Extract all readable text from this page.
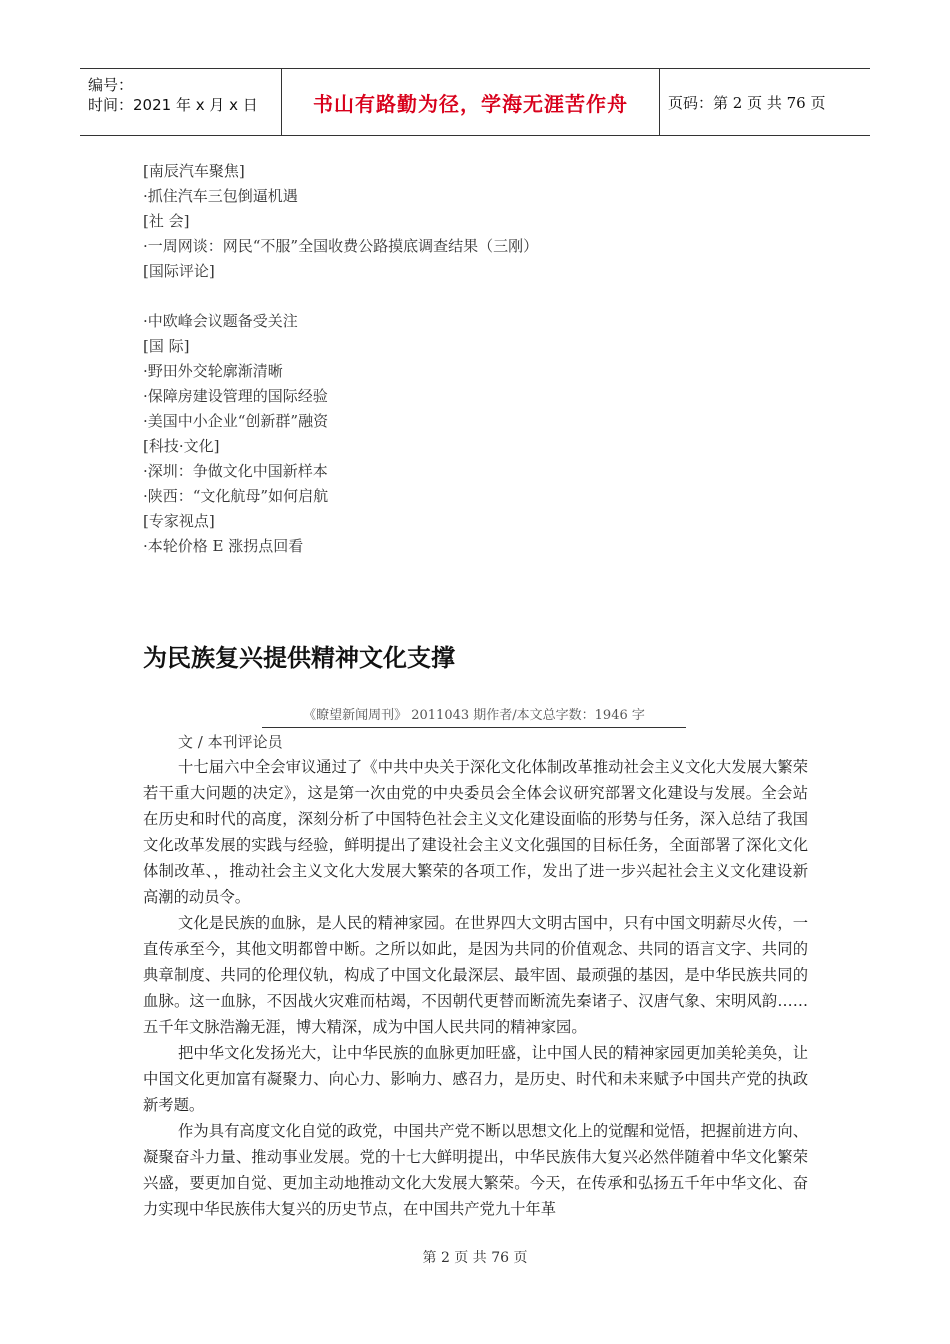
编号：
时间：2021 年 x 月 x 日	书山有路勤为径，学海无涯苦作舟	页码：第 2 页 共 76 页
[南辰汽车聚焦]
·抓住汽车三包倒逼机遇
[社 会]
·一周网谈：网民“不服”全国收费公路摸底调查结果（三刚）
[国际评论]
·中欧峰会议题备受关注
[国 际]
·野田外交轮廓渐清晰
·保障房建设管理的国际经验
·美国中小企业“创新群”融资
[科技·文化]
·深圳：争做文化中国新样本
·陕西：“文化航母”如何启航
[专家视点]
·本轮价格 E 涨拐点回看
为民族复兴提供精神文化支撑
《瞭望新闻周刊》 2011043 期作者/本文总字数：1946 字
文 / 本刊评论员

十七届六中全会审议通过了《中共中央关于深化文化体制改革推动社会主义文化大发展大繁荣若干重大问题的决定》，这是第一次由党的中央委员会全体会议研究部署文化建设与发展。全会站在历史和时代的高度，深刻分析了中国特色社会主义文化建设面临的形势与任务，深入总结了我国文化改革发展的实践与经验，鲜明提出了建设社会主义文化强国的目标任务，全面部署了深化文化体制改革、，推动社会主义文化大发展大繁荣的各项工作，发出了进一步兴起社会主义文化建设新高潮的动员令。

文化是民族的血脉，是人民的精神家园。在世界四大文明古国中，只有中国文明薪尽火传，一直传承至今，其他文明都曾中断。之所以如此，是因为共同的价值观念、共同的语言文字、共同的典章制度、共同的伦理仪轨，构成了中国文化最深层、最牢固、最顽强的基因，是中华民族共同的血脉。这一血脉，不因战火灾难而枯竭，不因朝代更替而断流先秦诸子、汉唐气象、宋明风韵……五千年文脉浩瀚无涯，博大精深，成为中国人民共同的精神家园。

把中华文化发扬光大，让中华民族的血脉更加旺盛，让中国人民的精神家园更加美轮美奂，让中国文化更加富有凝聚力、向心力、影响力、感召力，是历史、时代和未来赋予中国共产党的执政新考题。

作为具有高度文化自觉的政党，中国共产党不断以思想文化上的觉醒和觉悟，把握前进方向、凝聚奋斗力量、推动事业发展。党的十七大鲜明提出，中华民族伟大复兴必然伴随着中华文化繁荣兴盛，要更加自觉、更加主动地推动文化大发展大繁荣。今天，在传承和弘扬五千年中华文化、奋力实现中华民族伟大复兴的历史节点，在中国共产党九十年革

第 2 页 共 76 页
